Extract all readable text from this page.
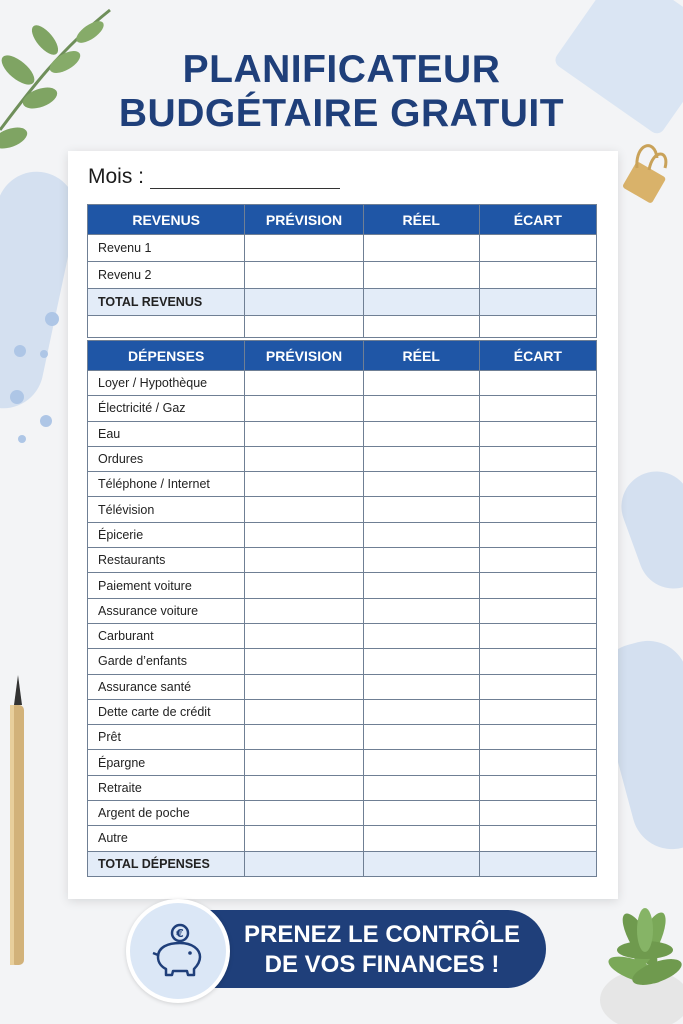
PLANIFICATEUR
BUDGÉTAIRE GRATUIT
Mois :
REVENUS	PRÉVISION	RÉEL	ÉCART
Revenu 1			
Revenu 2			
TOTAL REVENUS			

DÉPENSES	PRÉVISION	RÉEL	ÉCART
Loyer / Hypothèque			
Électricité / Gaz			
Eau			
Ordures			
Téléphone / Internet			
Télévision			
Épicerie			
Restaurants			
Paiement voiture			
Assurance voiture			
Carburant			
Garde d’enfants			
Assurance santé			
Dette carte de crédit			
Prêt			
Épargne			
Retraite			
Argent de poche			
Autre			
TOTAL DÉPENSES			
PRENEZ LE CONTRÔLE
DE VOS FINANCES !
€
